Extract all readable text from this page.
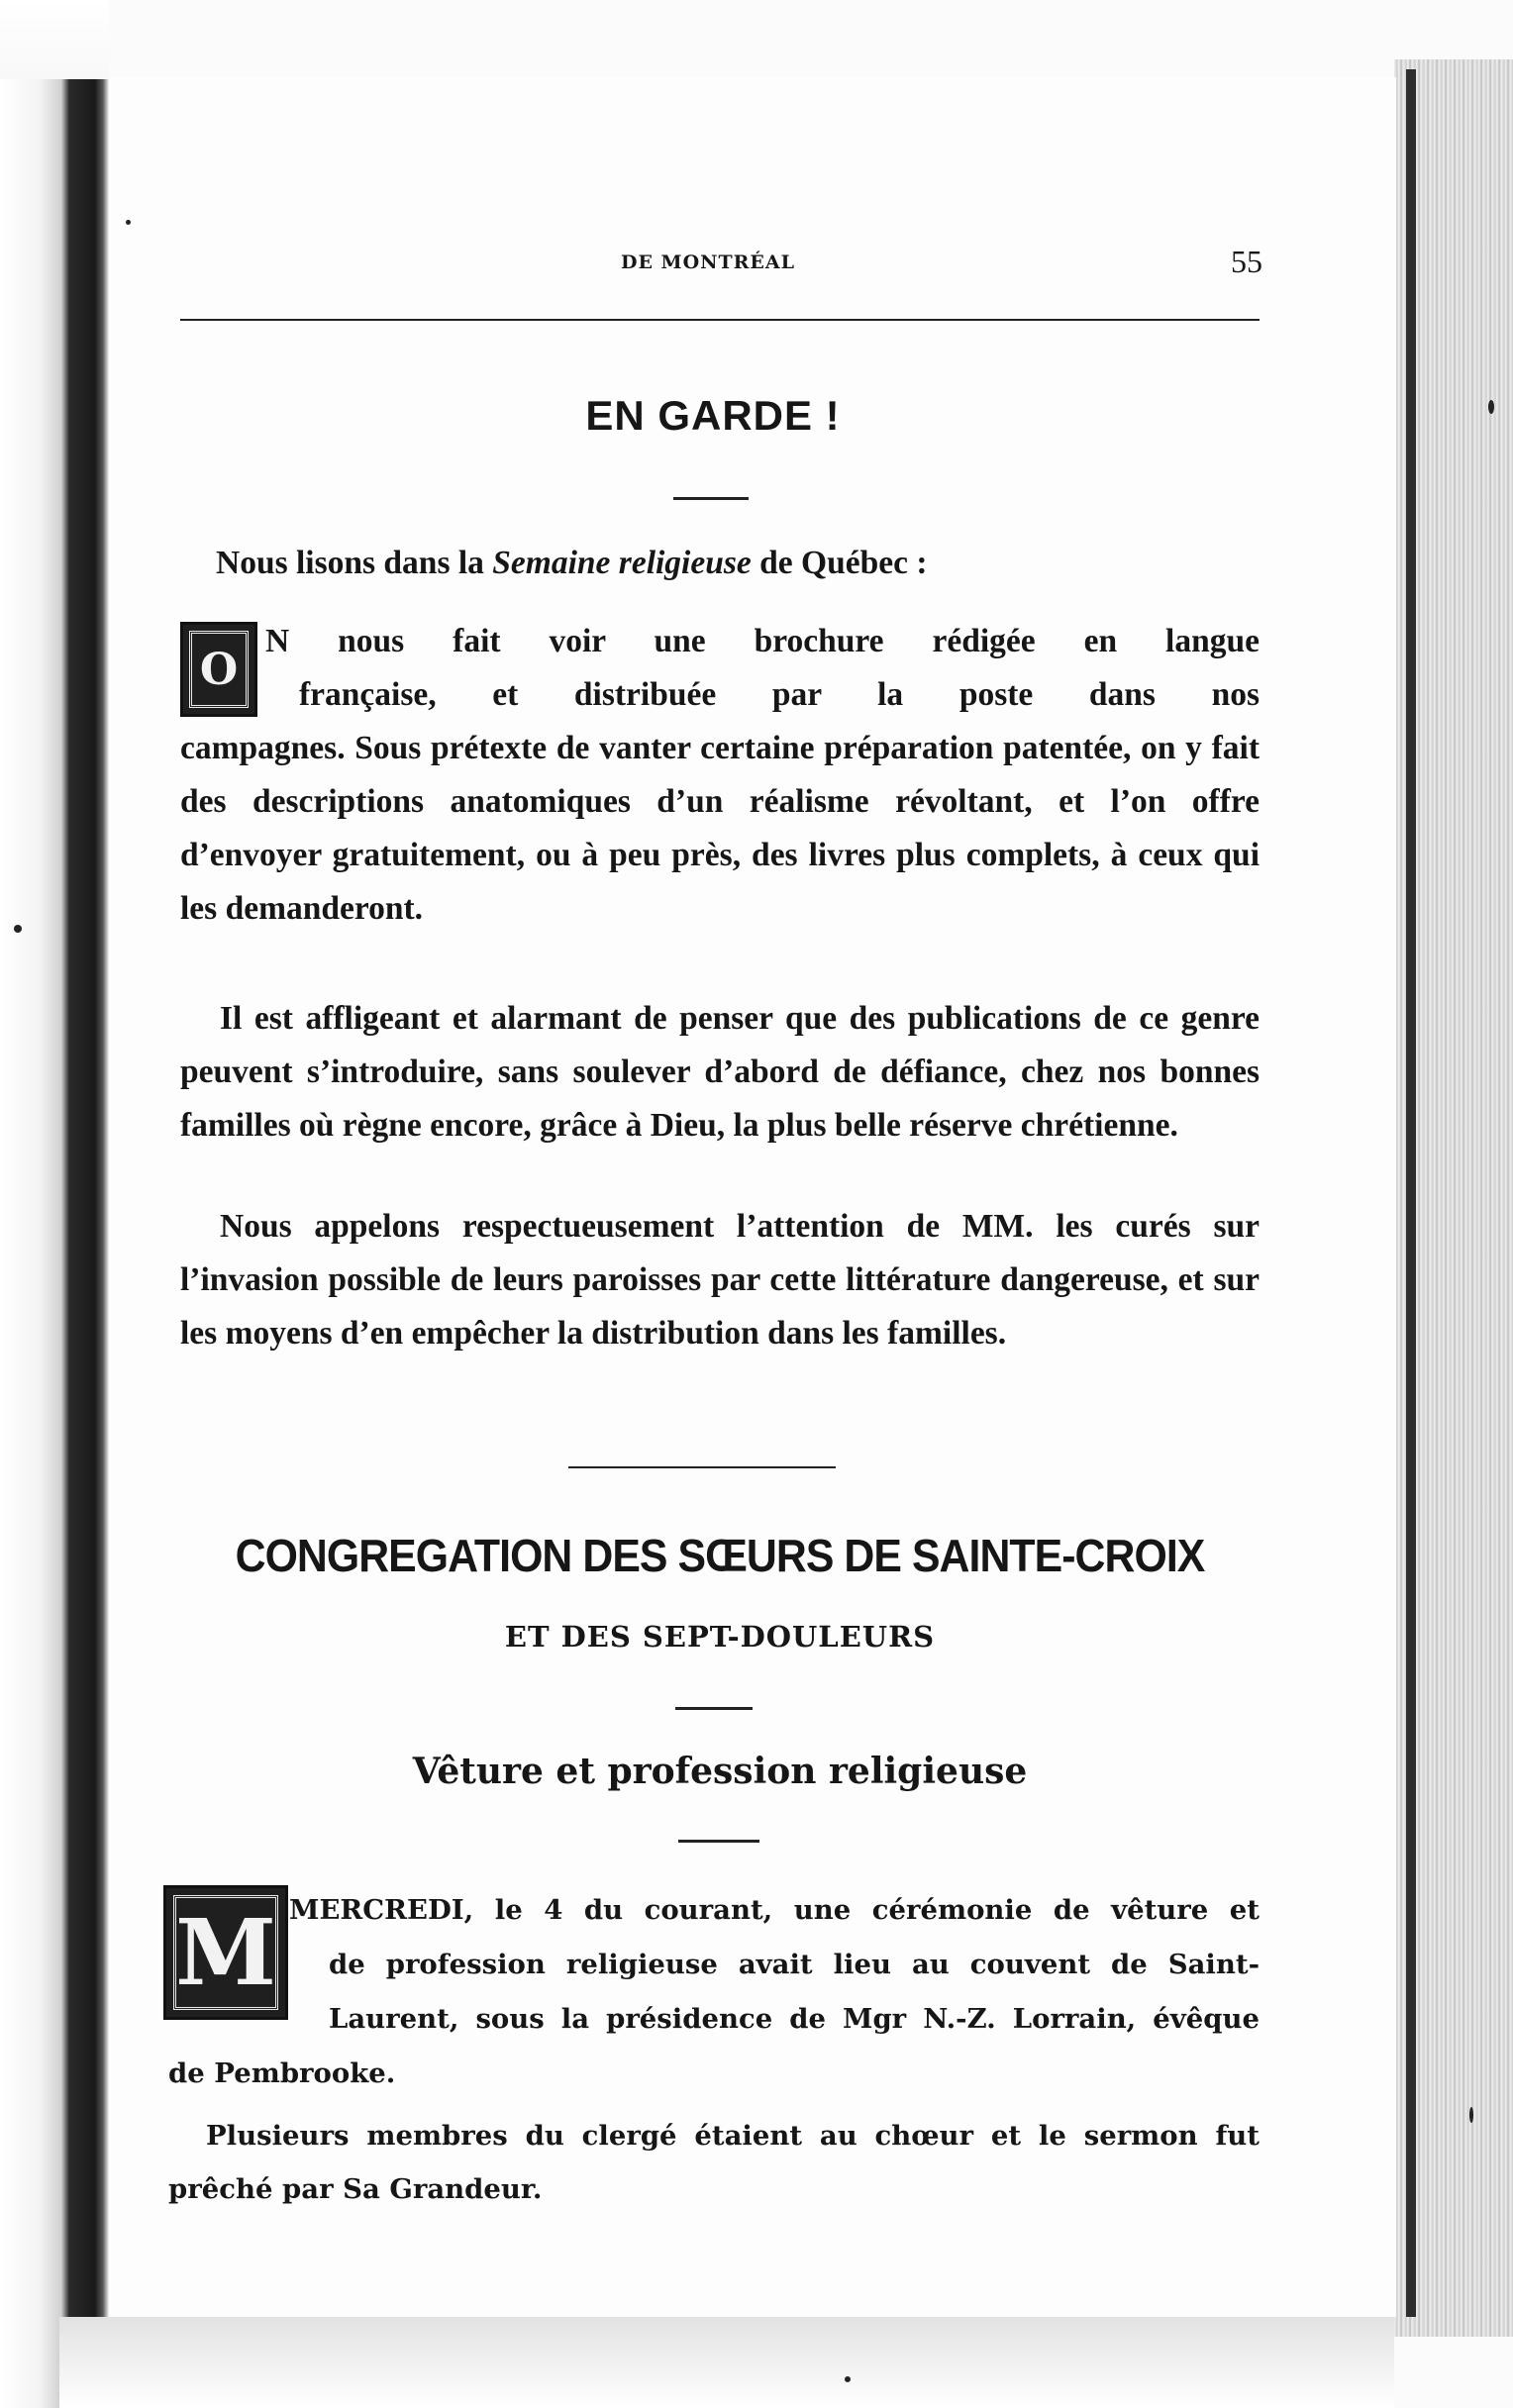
DE MONTRÉAL	55
EN GARDE !
Nous lisons dans la Semaine religieuse de Québec :
O
N nous fait voir une brochure rédigée en langue
française, et distribuée par la poste dans nos
campagnes. Sous prétexte de vanter certaine préparation patentée, on y fait des descriptions anatomiques d’un réalisme révoltant, et l’on offre d’envoyer gratuitement, ou à peu près, des livres plus complets, à ceux qui les demanderont.
Il est affligeant et alarmant de penser que des publications de ce genre peuvent s’introduire, sans soulever d’abord de défiance, chez nos bonnes familles où règne encore, grâce à Dieu, la plus belle réserve chrétienne.
Nous appelons respectueusement l’attention de MM. les curés sur l’invasion possible de leurs paroisses par cette littérature dangereuse, et sur les moyens d’en empêcher la distribution dans les familles.
CONGREGATION DES SŒURS DE SAINTE-CROIX
ET DES SEPT-DOULEURS
Vêture et profession religieuse
M MERCREDI, le 4 du courant, une cérémonie de vêture et
de profession religieuse avait lieu au couvent de Saint-
Laurent, sous la présidence de Mgr N.-Z. Lorrain, évêque
de Pembrooke.
Plusieurs membres du clergé étaient au chœur et le sermon fut
prêché par Sa Grandeur.
